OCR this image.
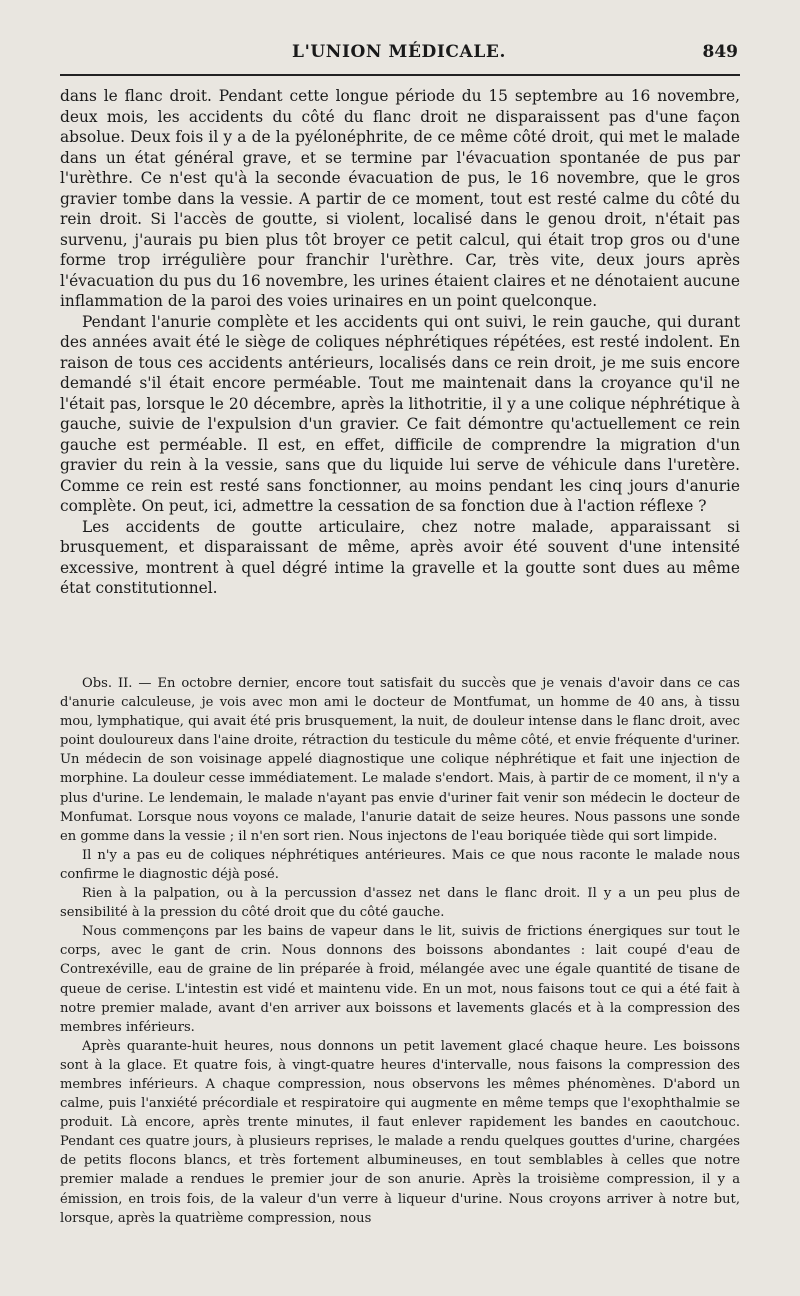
L'UNION MÉDICALE.	849

dans le flanc droit. Pendant cette longue période du 15 septembre au 16 novembre, deux mois, les accidents du côté du flanc droit ne disparaissent pas d'une façon absolue. Deux fois il y a de la pyélonéphrite, de ce même côté droit, qui met le malade dans un état général grave, et se termine par l'évacuation spontanée de pus par l'urèthre. Ce n'est qu'à la seconde évacuation de pus, le 16 novembre, que le gros gravier tombe dans la vessie. A partir de ce moment, tout est resté calme du côté du rein droit. Si l'accès de goutte, si violent, localisé dans le genou droit, n'était pas survenu, j'aurais pu bien plus tôt broyer ce petit calcul, qui était trop gros ou d'une forme trop irrégulière pour franchir l'urèthre. Car, très vite, deux jours après l'évacuation du pus du 16 novembre, les urines étaient claires et ne dénotaient aucune inflammation de la paroi des voies urinaires en un point quelconque.

Pendant l'anurie complète et les accidents qui ont suivi, le rein gauche, qui durant des années avait été le siège de coliques néphrétiques répétées, est resté indolent. En raison de tous ces accidents antérieurs, localisés dans ce rein droit, je me suis encore demandé s'il était encore perméable. Tout me maintenait dans la croyance qu'il ne l'était pas, lorsque le 20 décembre, après la lithotritie, il y a une colique néphrétique à gauche, suivie de l'expulsion d'un gravier. Ce fait démontre qu'actuellement ce rein gauche est perméable. Il est, en effet, difficile de comprendre la migration d'un gravier du rein à la vessie, sans que du liquide lui serve de véhicule dans l'uretère. Comme ce rein est resté sans fonctionner, au moins pendant les cinq jours d'anurie complète. On peut, ici, admettre la cessation de sa fonction due à l'action réflexe ?

Les accidents de goutte articulaire, chez notre malade, apparaissant si brusquement, et disparaissant de même, après avoir été souvent d'une intensité excessive, montrent à quel dégré intime la gravelle et la goutte sont dues au même état constitutionnel.

Obs. II. — En octobre dernier, encore tout satisfait du succès que je venais d'avoir dans ce cas d'anurie calculeuse, je vois avec mon ami le docteur de Montfumat, un homme de 40 ans, à tissu mou, lymphatique, qui avait été pris brusquement, la nuit, de douleur intense dans le flanc droit, avec point douloureux dans l'aine droite, rétraction du testicule du même côté, et envie fréquente d'uriner. Un médecin de son voisinage appelé diagnostique une colique néphrétique et fait une injection de morphine. La douleur cesse immédiatement. Le malade s'endort. Mais, à partir de ce moment, il n'y a plus d'urine. Le lendemain, le malade n'ayant pas envie d'uriner fait venir son médecin le docteur de Monfumat. Lorsque nous voyons ce malade, l'anurie datait de seize heures. Nous passons une sonde en gomme dans la vessie ; il n'en sort rien. Nous injectons de l'eau boriquée tiède qui sort limpide.

Il n'y a pas eu de coliques néphrétiques antérieures. Mais ce que nous raconte le malade nous confirme le diagnostic déjà posé.

Rien à la palpation, ou à la percussion d'assez net dans le flanc droit. Il y a un peu plus de sensibilité à la pression du côté droit que du côté gauche.

Nous commençons par les bains de vapeur dans le lit, suivis de frictions énergiques sur tout le corps, avec le gant de crin. Nous donnons des boissons abondantes : lait coupé d'eau de Contrexéville, eau de graine de lin préparée à froid, mélangée avec une égale quantité de tisane de queue de cerise. L'intestin est vidé et maintenu vide. En un mot, nous faisons tout ce qui a été fait à notre premier malade, avant d'en arriver aux boissons et lavements glacés et à la compression des membres inférieurs.

Après quarante-huit heures, nous donnons un petit lavement glacé chaque heure. Les boissons sont à la glace. Et quatre fois, à vingt-quatre heures d'intervalle, nous faisons la compression des membres inférieurs. A chaque compression, nous observons les mêmes phénomènes. D'abord un calme, puis l'anxiété précordiale et respiratoire qui augmente en même temps que l'exophthalmie se produit. Là encore, après trente minutes, il faut enlever rapidement les bandes en caoutchouc. Pendant ces quatre jours, à plusieurs reprises, le malade a rendu quelques gouttes d'urine, chargées de petits flocons blancs, et très fortement albumineuses, en tout semblables à celles que notre premier malade a rendues le premier jour de son anurie. Après la troisième compression, il y a émission, en trois fois, de la valeur d'un verre à liqueur d'urine. Nous croyons arriver à notre but, lorsque, après la quatrième compression, nous
